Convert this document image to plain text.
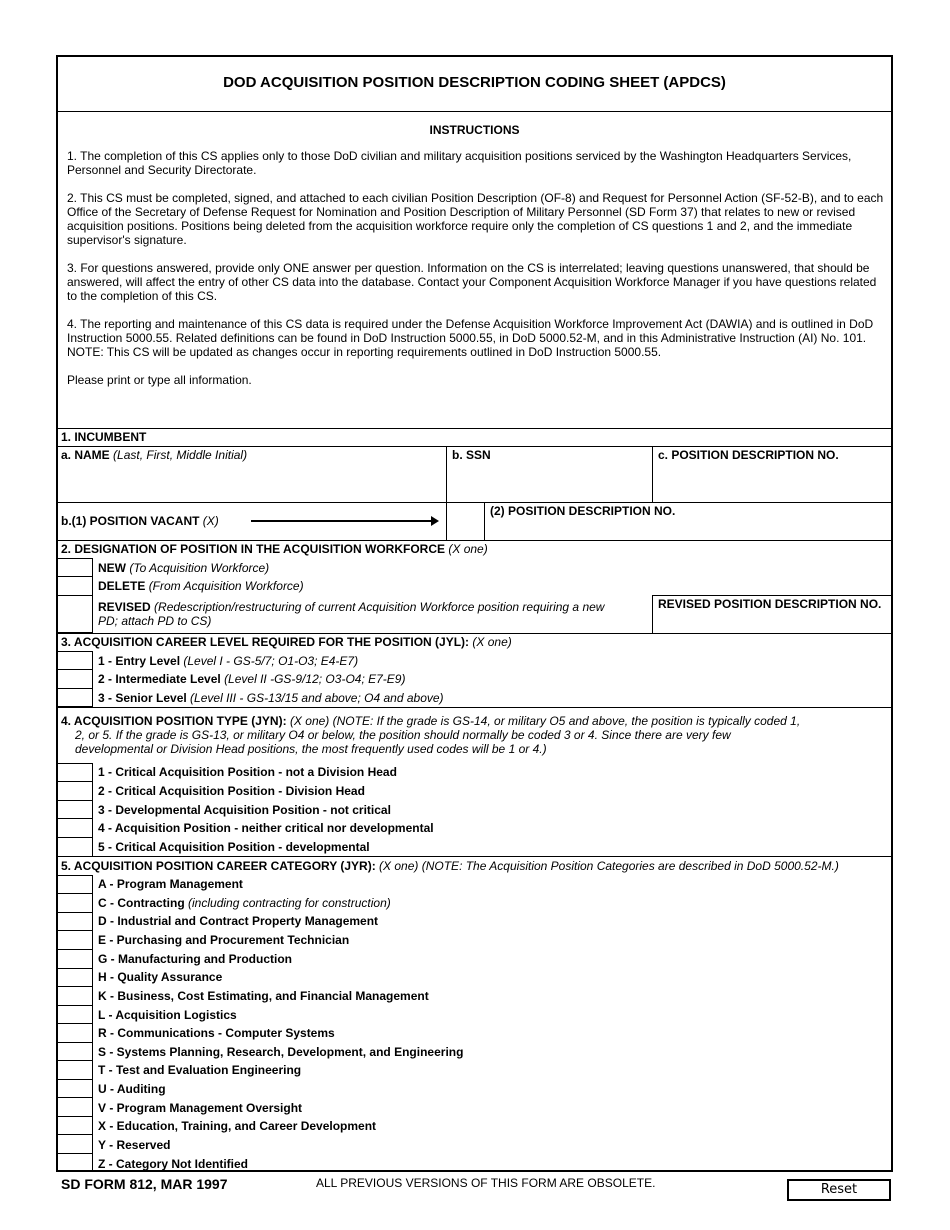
DOD ACQUISITION POSITION DESCRIPTION CODING SHEET (APDCS)
INSTRUCTIONS
1. The completion of this CS applies only to those DoD civilian and military acquisition positions serviced by the Washington Headquarters Services, Personnel and Security Directorate.
2. This CS must be completed, signed, and attached to each civilian Position Description (OF-8) and Request for Personnel Action (SF-52-B), and to each Office of the Secretary of Defense Request for Nomination and Position Description of Military Personnel (SD Form 37) that relates to new or revised acquisition positions. Positions being deleted from the acquisition workforce require only the completion of CS questions 1 and 2, and the immediate supervisor's signature.
3. For questions answered, provide only ONE answer per question. Information on the CS is interrelated; leaving questions unanswered, that should be answered, will affect the entry of other CS data into the database. Contact your Component Acquisition Workforce Manager if you have questions related to the completion of this CS.
4. The reporting and maintenance of this CS data is required under the Defense Acquisition Workforce Improvement Act (DAWIA) and is outlined in DoD Instruction 5000.55. Related definitions can be found in DoD Instruction 5000.55, in DoD 5000.52-M, and in this Administrative Instruction (AI) No. 101. NOTE: This CS will be updated as changes occur in reporting requirements outlined in DoD Instruction 5000.55.
Please print or type all information.
1. INCUMBENT
a. NAME (Last, First, Middle Initial)	b. SSN	c. POSITION DESCRIPTION NO.
b.(1) POSITION VACANT (X)
(2) POSITION DESCRIPTION NO.
2. DESIGNATION OF POSITION IN THE ACQUISITION WORKFORCE (X one)
NEW (To Acquisition Workforce)
DELETE (From Acquisition Workforce)
REVISED (Redescription/restructuring of current Acquisition Workforce position requiring a new
PD; attach PD to CS)
REVISED POSITION DESCRIPTION NO.
3. ACQUISITION CAREER LEVEL REQUIRED FOR THE POSITION (JYL): (X one)
1 - Entry Level (Level I - GS-5/7; O1-O3; E4-E7)
2 - Intermediate Level (Level II -GS-9/12; O3-O4; E7-E9)
3 - Senior Level (Level III - GS-13/15 and above; O4 and above)
4. ACQUISITION POSITION TYPE (JYN): (X one) (NOTE: If the grade is GS-14, or military O5 and above, the position is typically coded 1,
2, or 5. If the grade is GS-13, or military O4 or below, the position should normally be coded 3 or 4. Since there are very few
developmental or Division Head positions, the most frequently used codes will be 1 or 4.)
1 - Critical Acquisition Position - not a Division Head
2 - Critical Acquisition Position - Division Head
3 - Developmental Acquisition Position - not critical
4 - Acquisition Position - neither critical nor developmental
5 - Critical Acquisition Position - developmental
5. ACQUISITION POSITION CAREER CATEGORY (JYR): (X one) (NOTE: The Acquisition Position Categories are described in DoD 5000.52-M.)
A - Program Management
C - Contracting (including contracting for construction)
D - Industrial and Contract Property Management
E - Purchasing and Procurement Technician
G - Manufacturing and Production
H - Quality Assurance
K - Business, Cost Estimating, and Financial Management
L - Acquisition Logistics
R - Communications - Computer Systems
S - Systems Planning, Research, Development, and Engineering
T - Test and Evaluation Engineering
U - Auditing
V - Program Management Oversight
X - Education, Training, and Career Development
Y - Reserved
Z - Category Not Identified
SD FORM 812, MAR 1997	ALL PREVIOUS VERSIONS OF THIS FORM ARE OBSOLETE.	Reset
